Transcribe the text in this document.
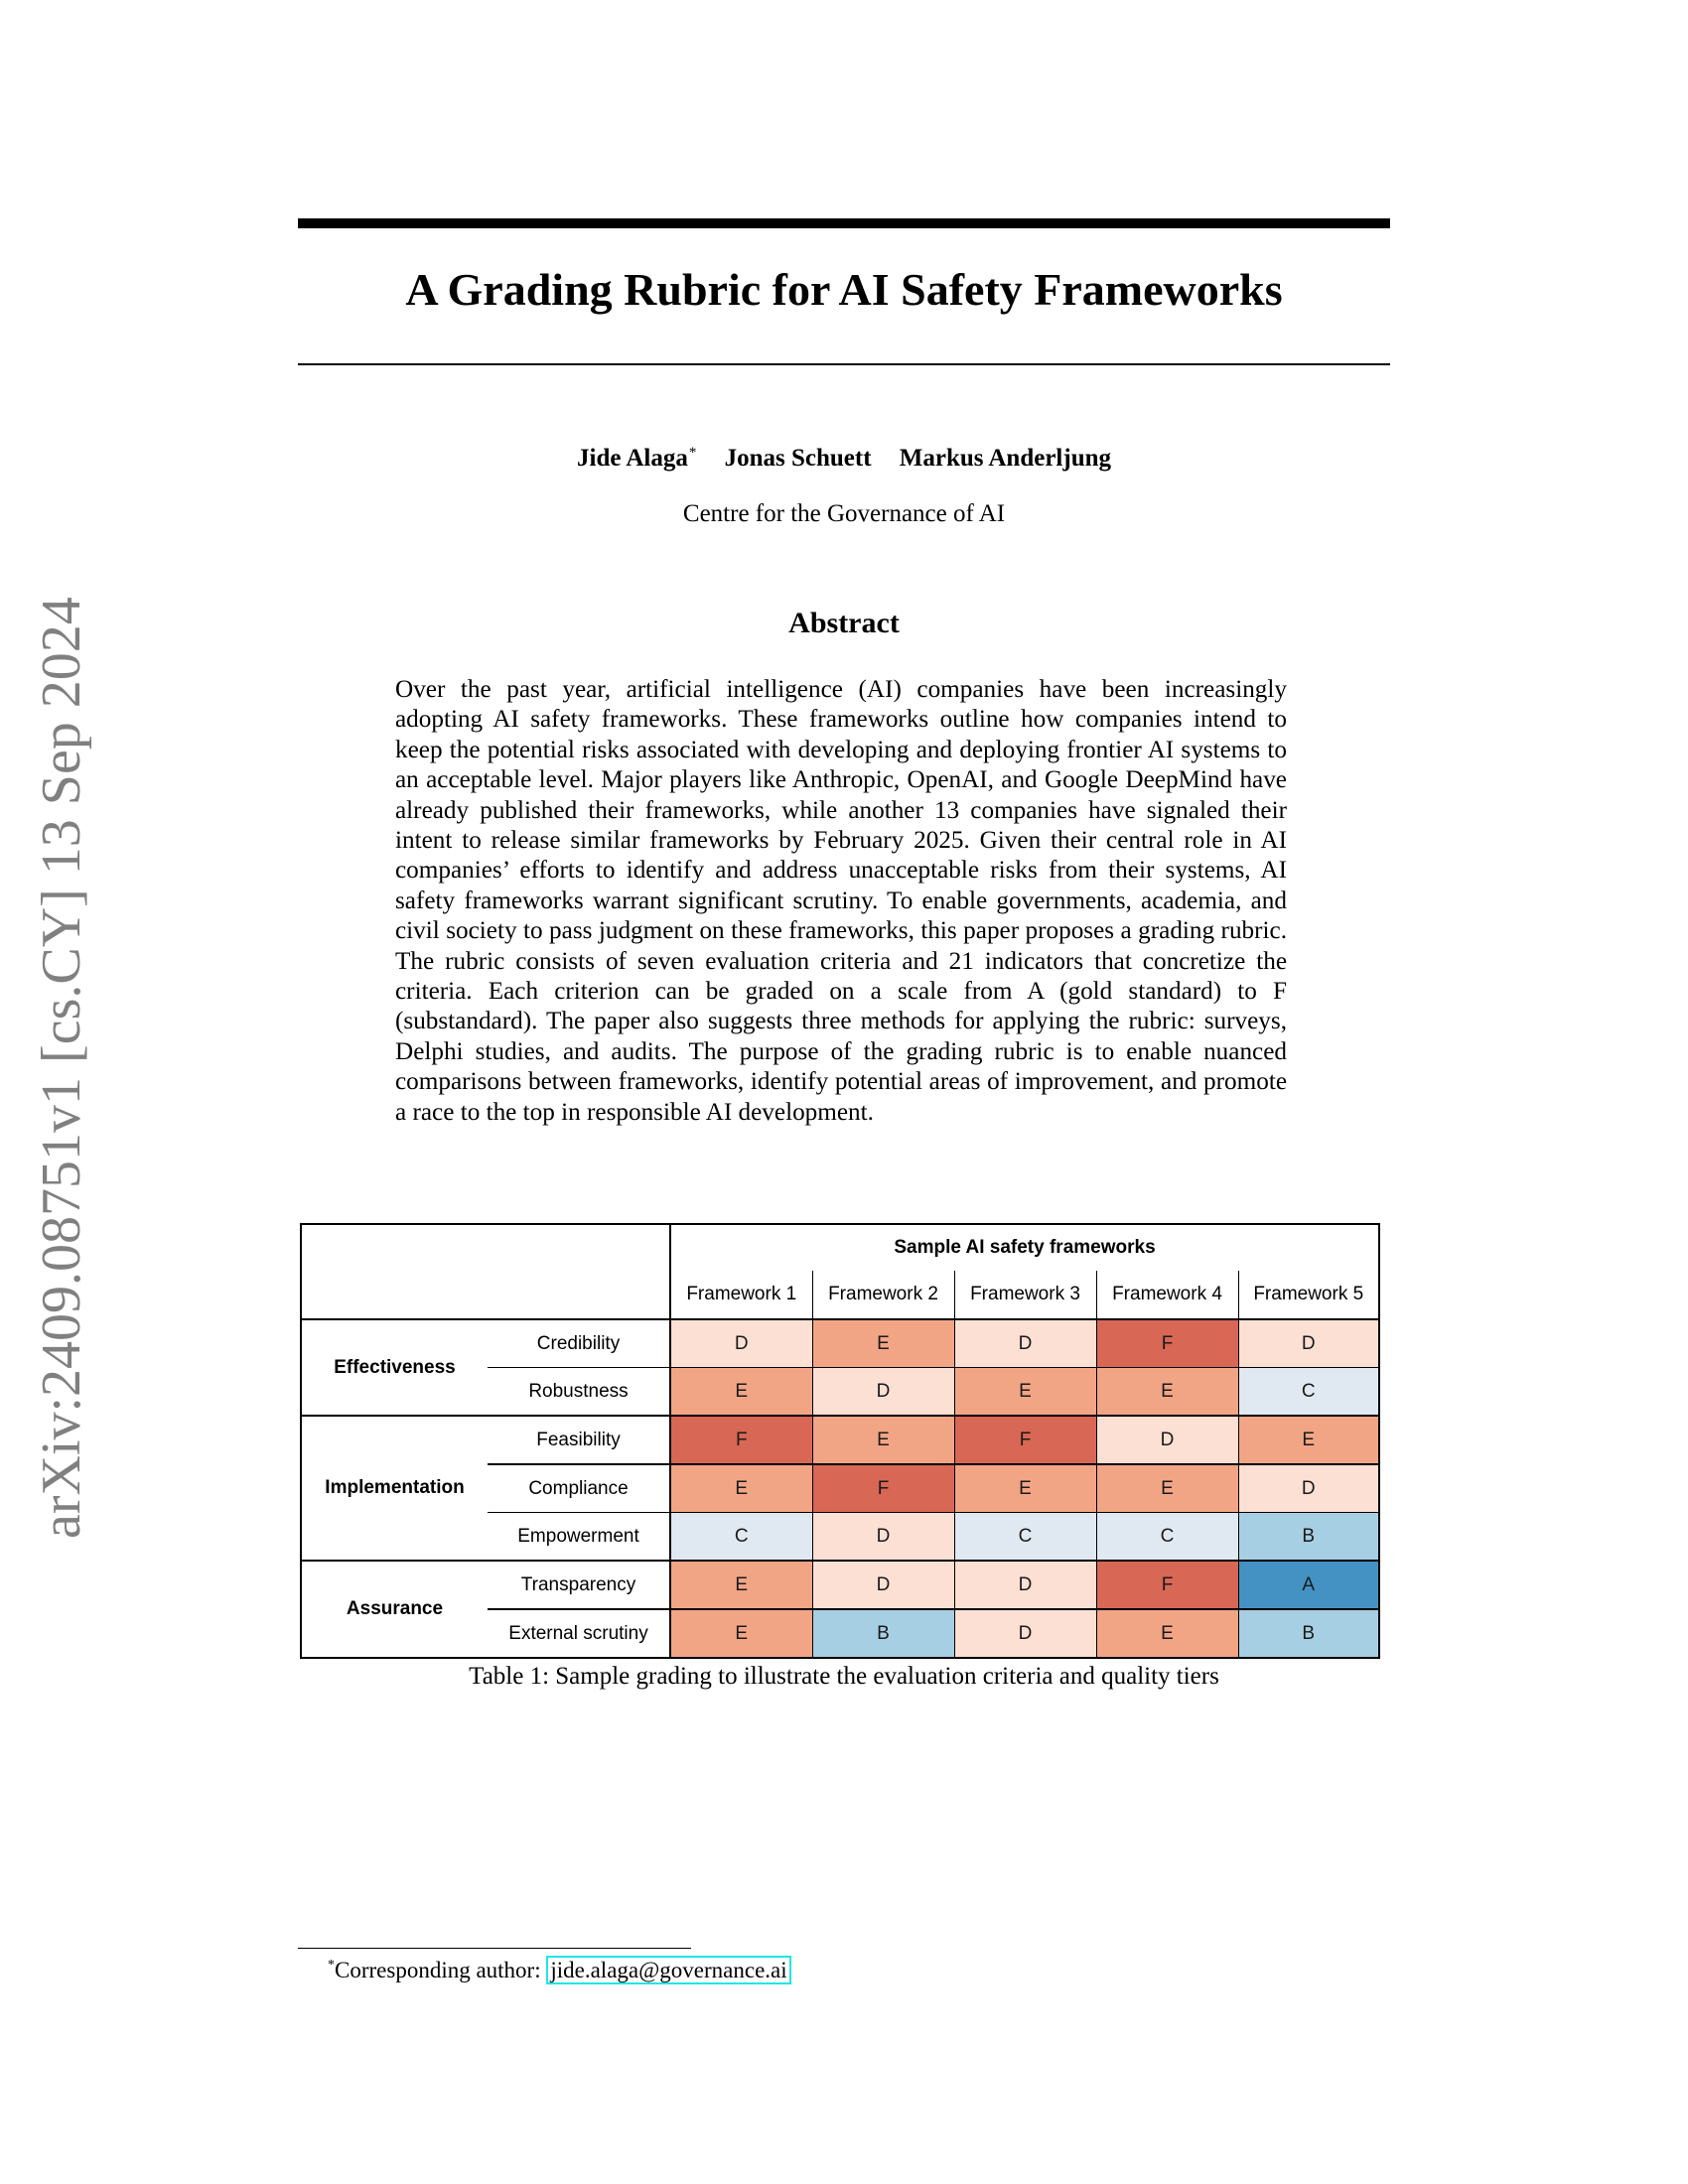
arXiv:2409.08751v1 [cs.CY] 13 Sep 2024
A Grading Rubric for AI Safety Frameworks
Jide Alaga* Jonas Schuett Markus Anderljung
Centre for the Governance of AI
Abstract
Over the past year, artificial intelligence (AI) companies have been increasingly adopting AI safety frameworks. These frameworks outline how companies intend to keep the potential risks associated with developing and deploying frontier AI systems to an acceptable level. Major players like Anthropic, OpenAI, and Google DeepMind have already published their frameworks, while another 13 companies have signaled their intent to release similar frameworks by February 2025. Given their central role in AI companies’ efforts to identify and address unacceptable risks from their systems, AI safety frameworks warrant significant scrutiny. To enable governments, academia, and civil society to pass judgment on these frameworks, this paper proposes a grading rubric. The rubric consists of seven evaluation criteria and 21 indicators that concretize the criteria. Each criterion can be graded on a scale from A (gold standard) to F (substandard). The paper also suggests three methods for applying the rubric: surveys, Delphi studies, and audits. The purpose of the grading rubric is to enable nuanced comparisons between frameworks, identify potential areas of improvement, and promote a race to the top in responsible AI development.
		Sample AI safety frameworks				
		Framework 1	Framework 2	Framework 3	Framework 4	Framework 5
Effectiveness	Credibility	D	E	D	F	D
	Robustness	E	D	E	E	C
Implementation	Feasibility	F	E	F	D	E
	Compliance	E	F	E	E	D
	Empowerment	C	D	C	C	B
Assurance	Transparency	E	D	D	F	A
	External scrutiny	E	B	D	E	B
Table 1: Sample grading to illustrate the evaluation criteria and quality tiers
*Corresponding author: jide.alaga@governance.ai
